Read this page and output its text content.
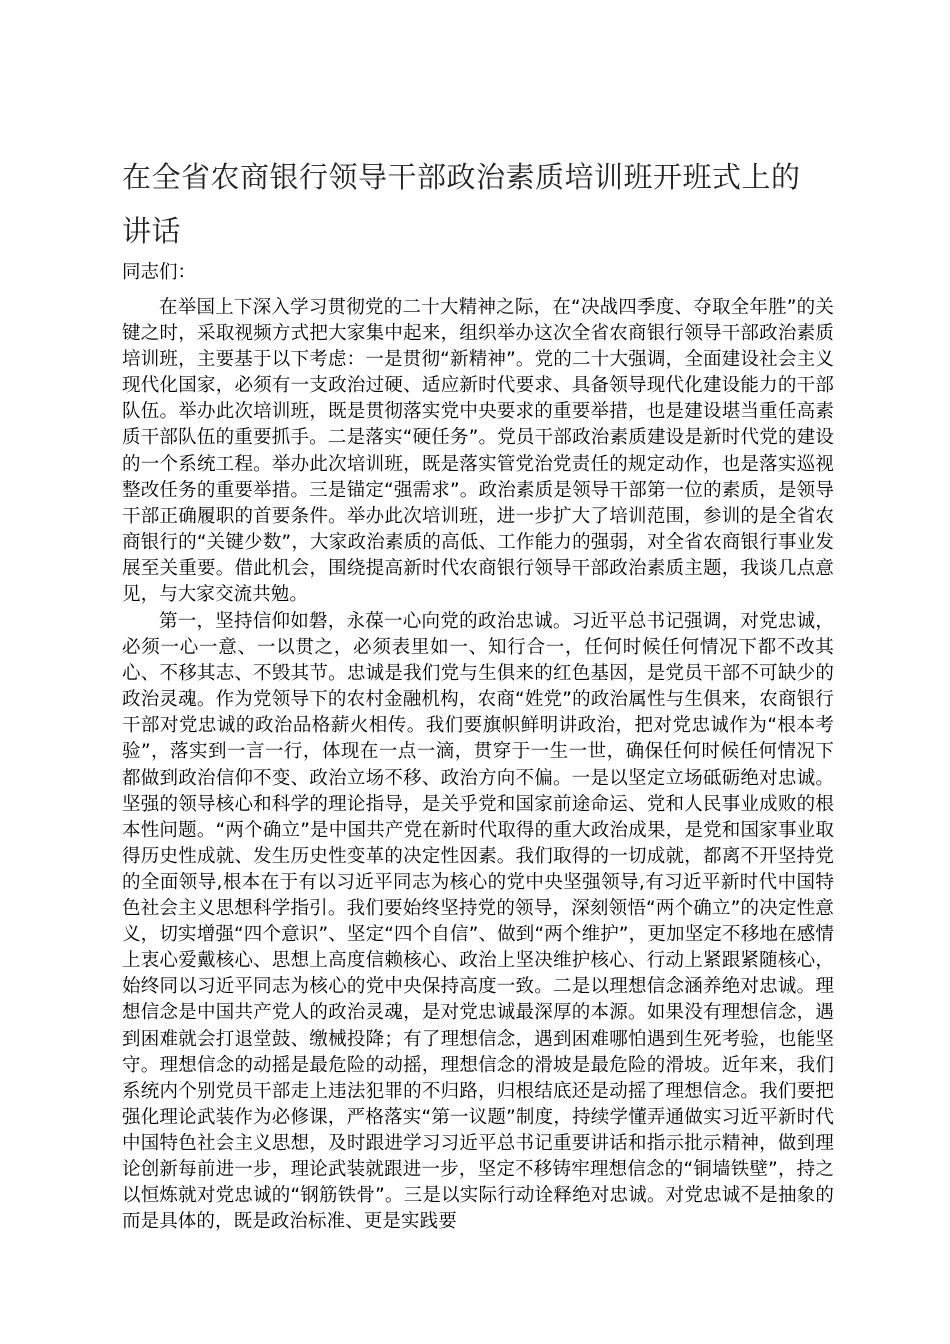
在全省农商银行领导干部政治素质培训班开班式上的讲话

同志们：

在举国上下深入学习贯彻党的二十大精神之际，在“决战四季度、夺取全年胜”的关键之时，采取视频方式把大家集中起来，组织举办这次全省农商银行领导干部政治素质培训班，主要基于以下考虑：一是贯彻“新精神”。党的二十大强调，全面建设社会主义现代化国家，必须有一支政治过硬、适应新时代要求、具备领导现代化建设能力的干部队伍。举办此次培训班，既是贯彻落实党中央要求的重要举措，也是建设堪当重任高素质干部队伍的重要抓手。二是落实“硬任务”。党员干部政治素质建设是新时代党的建设的一个系统工程。举办此次培训班，既是落实管党治党责任的规定动作，也是落实巡视整改任务的重要举措。三是锚定“强需求”。政治素质是领导干部第一位的素质，是领导干部正确履职的首要条件。举办此次培训班，进一步扩大了培训范围，参训的是全省农商银行的“关键少数”，大家政治素质的高低、工作能力的强弱，对全省农商银行事业发展至关重要。借此机会，围绕提高新时代农商银行领导干部政治素质主题，我谈几点意见，与大家交流共勉。

第一，坚持信仰如磐，永葆一心向党的政治忠诚。习近平总书记强调，对党忠诚，必须一心一意、一以贯之，必须表里如一、知行合一，任何时候任何情况下都不改其心、不移其志、不毁其节。忠诚是我们党与生俱来的红色基因，是党员干部不可缺少的政治灵魂。作为党领导下的农村金融机构，农商“姓党”的政治属性与生俱来，农商银行干部对党忠诚的政治品格薪火相传。我们要旗帜鲜明讲政治，把对党忠诚作为“根本考验”，落实到一言一行，体现在一点一滴，贯穿于一生一世，确保任何时候任何情况下都做到政治信仰不变、政治立场不移、政治方向不偏。一是以坚定立场砥砺绝对忠诚。坚强的领导核心和科学的理论指导，是关乎党和国家前途命运、党和人民事业成败的根本性问题。“两个确立”是中国共产党在新时代取得的重大政治成果，是党和国家事业取得历史性成就、发生历史性变革的决定性因素。我们取得的一切成就，都离不开坚持党的全面领导,根本在于有以习近平同志为核心的党中央坚强领导,有习近平新时代中国特色社会主义思想科学指引。我们要始终坚持党的领导，深刻领悟“两个确立”的决定性意义，切实增强“四个意识”、坚定“四个自信”、做到“两个维护”，更加坚定不移地在感情上衷心爱戴核心、思想上高度信赖核心、政治上坚决维护核心、行动上紧跟紧随核心，始终同以习近平同志为核心的党中央保持高度一致。二是以理想信念涵养绝对忠诚。理想信念是中国共产党人的政治灵魂，是对党忠诚最深厚的本源。如果没有理想信念，遇到困难就会打退堂鼓、缴械投降；有了理想信念，遇到困难哪怕遇到生死考验，也能坚守。理想信念的动摇是最危险的动摇，理想信念的滑坡是最危险的滑坡。近年来，我们系统内个别党员干部走上违法犯罪的不归路，归根结底还是动摇了理想信念。我们要把强化理论武装作为必修课，严格落实“第一议题”制度，持续学懂弄通做实习近平新时代中国特色社会主义思想，及时跟进学习习近平总书记重要讲话和指示批示精神，做到理论创新每前进一步，理论武装就跟进一步，坚定不移铸牢理想信念的“铜墙铁壁”，持之以恒炼就对党忠诚的“钢筋铁骨”。三是以实际行动诠释绝对忠诚。对党忠诚不是抽象的而是具体的，既是政治标准、更是实践要
